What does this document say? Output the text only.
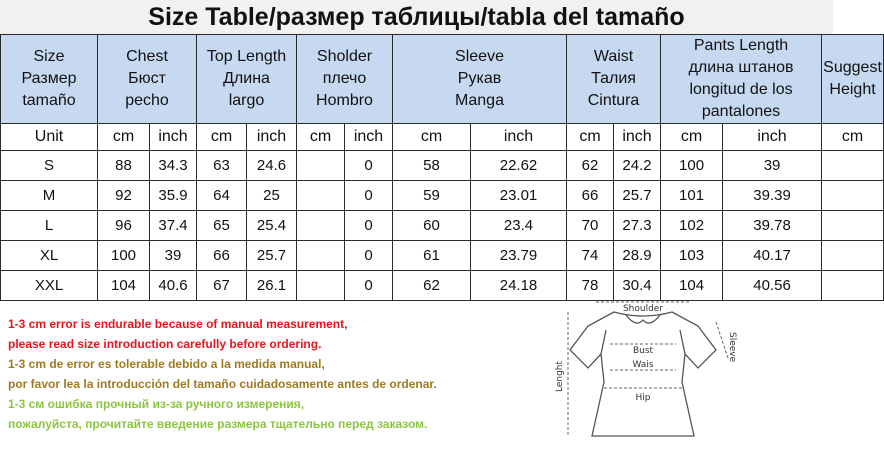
Size Table/размер таблицы/tabla del tamaño
Size
Размер
tamaño	Chest
Бюст
pecho		Top Length
Длина
largo		Sholder
плечо
Hombro		Sleeve
Рукав
Manga		Waist
Талия
Cintura		Pants Length
длина штанов
longitud de los
pantalones		Suggest
Height
Unit	cm	inch	cm	inch	cm	inch	cm	inch	cm	inch	cm	inch	cm
S	88	34.3	63	24.6		0	58	22.62	62	24.2	100	39	
M	92	35.9	64	25		0	59	23.01	66	25.7	101	39.39	
L	96	37.4	65	25.4		0	60	23.4	70	27.3	102	39.78	
XL	100	39	66	25.7		0	61	23.79	74	28.9	103	40.17	
XXL	104	40.6	67	26.1		0	62	24.18	78	30.4	104	40.56	
1-3 cm error is endurable because of manual measurement,
please read size introduction carefully before ordering.
1-3 cm de error es tolerable debido a la medida manual,
por favor lea la introducción del tamaño cuidadosamente antes de ordenar.
1-3 см ошибка прочный из-за ручного измерения,
пожалуйста, прочитайте введение размера тщательно перед заказом.
Shoulder
Bust
Wais
Hip
Sleeve
Lenght
